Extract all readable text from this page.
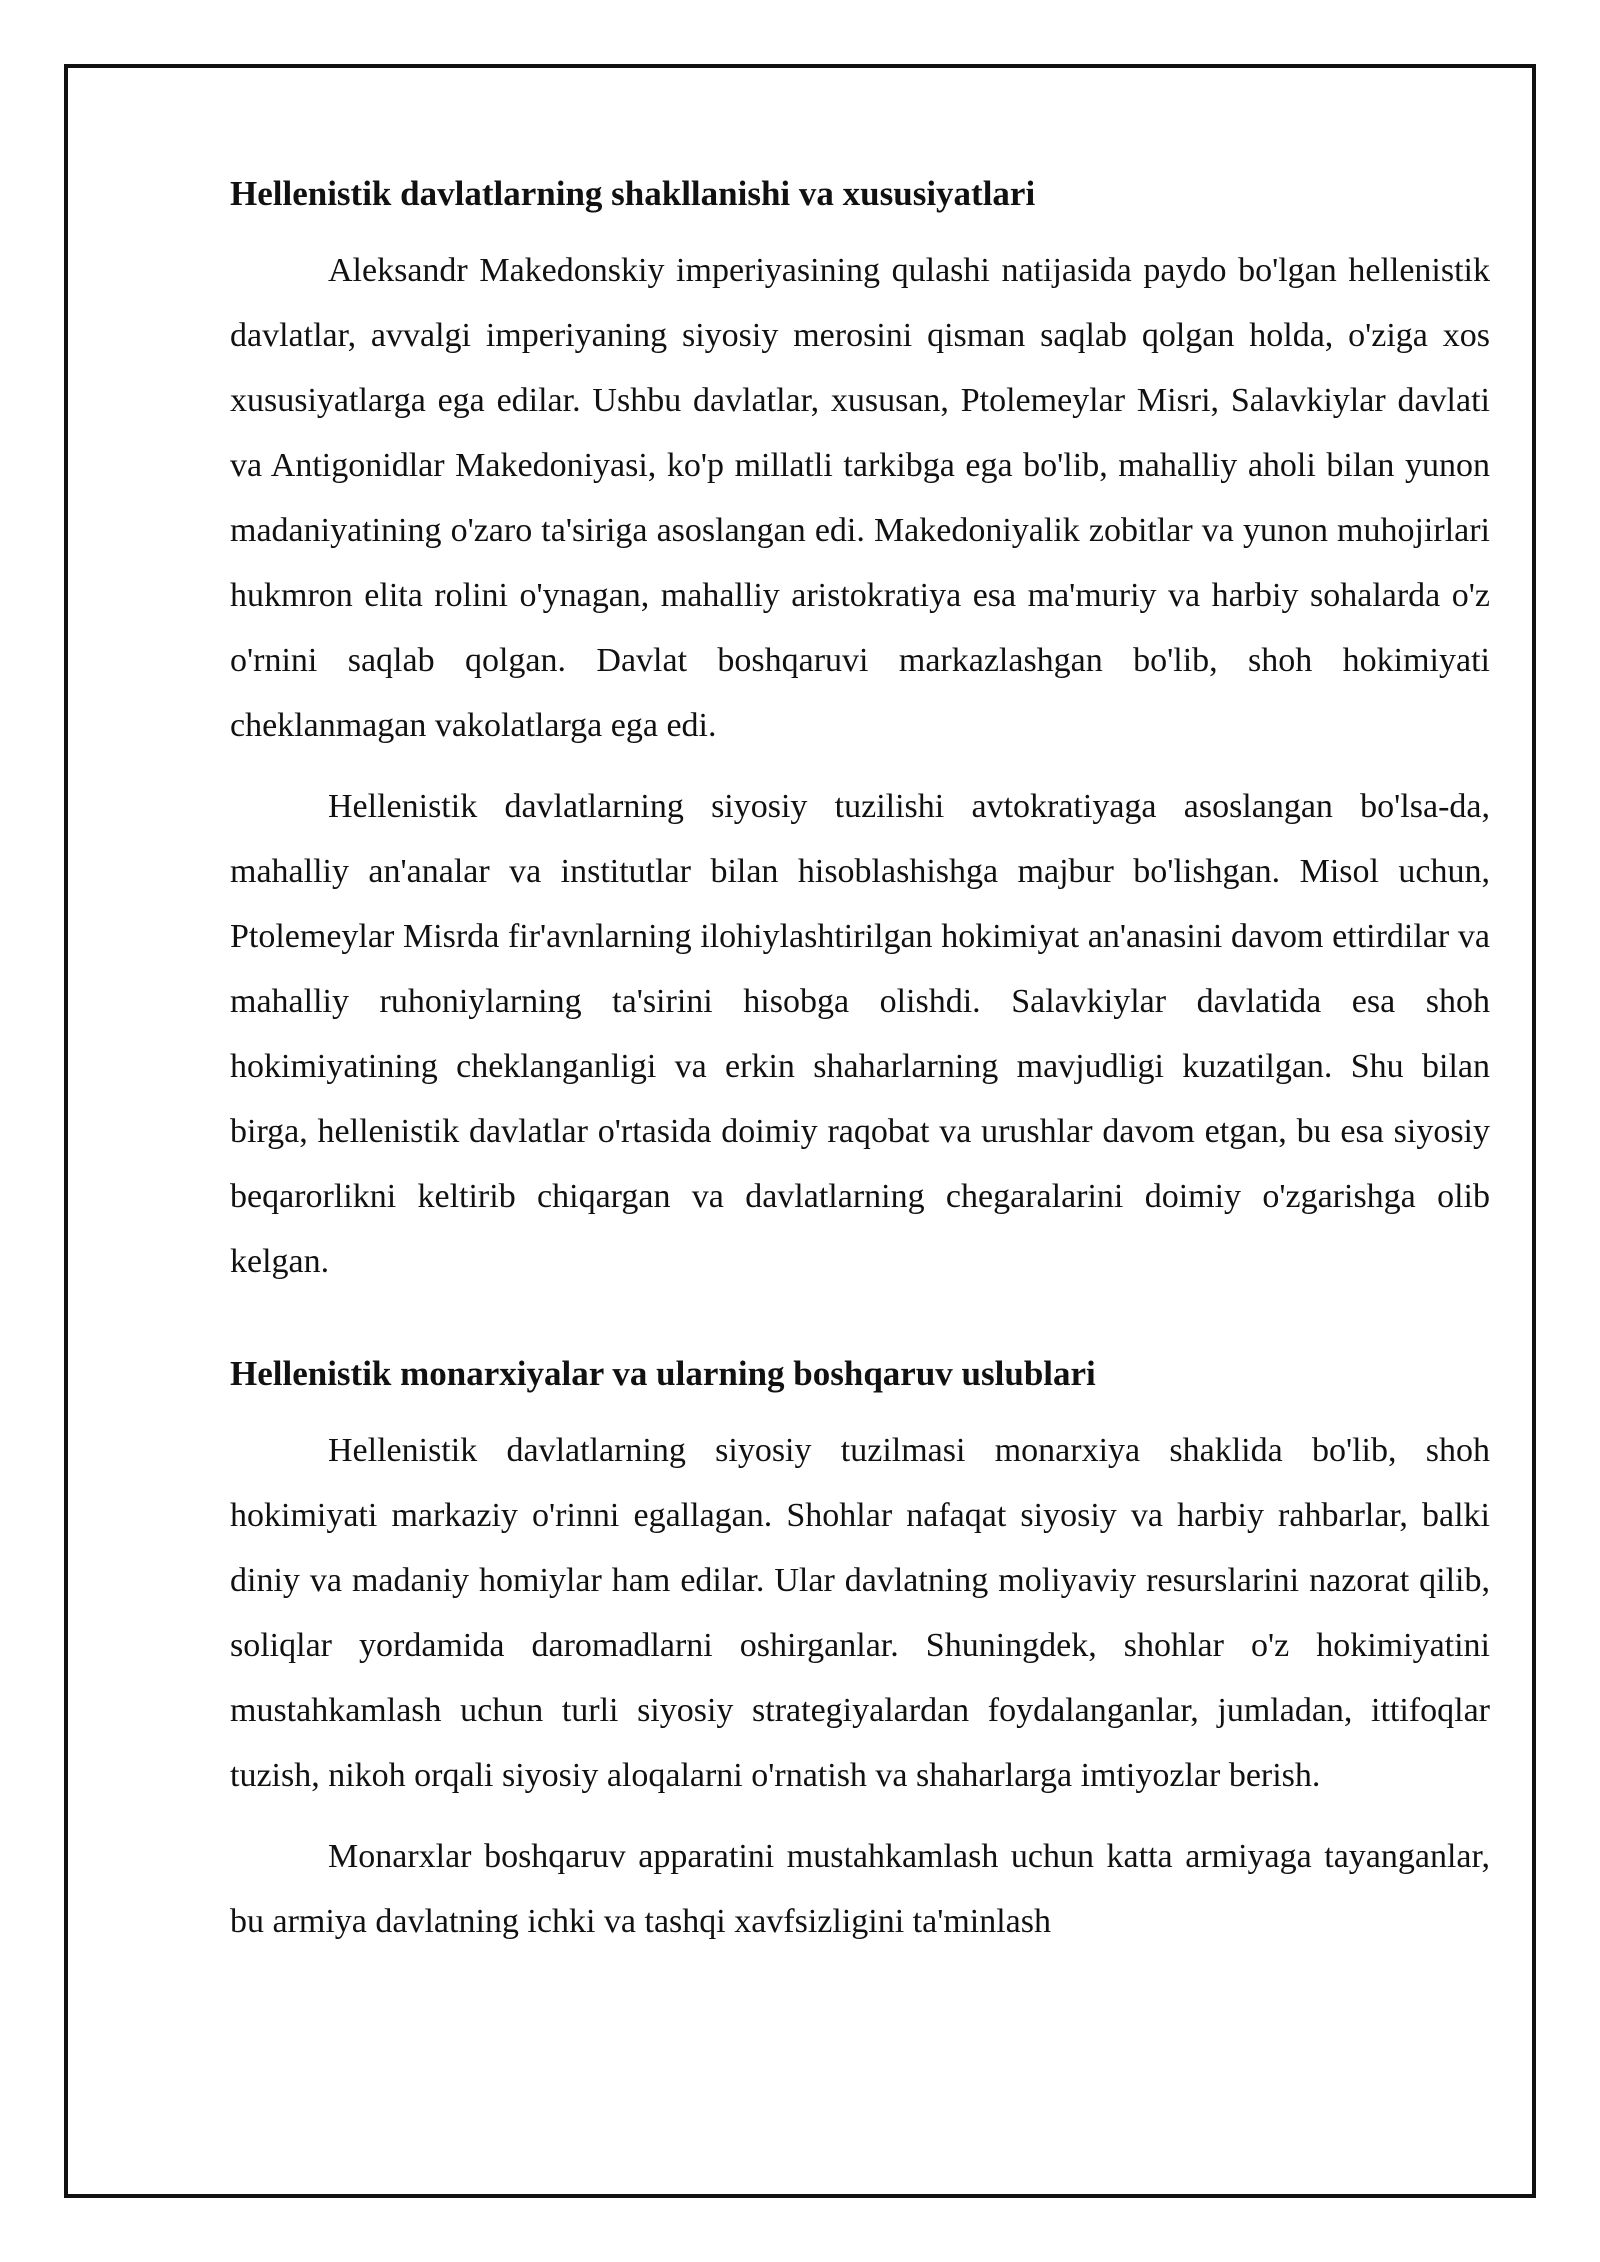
Hellenistik davlatlarning shakllanishi va xususiyatlari

Aleksandr Makedonskiy imperiyasining qulashi natijasida paydo bo'lgan hellenistik davlatlar, avvalgi imperiyaning siyosiy merosini qisman saqlab qolgan holda, o'ziga xos xususiyatlarga ega edilar. Ushbu davlatlar, xususan, Ptolemeylar Misri, Salavkiylar davlati va Antigonidlar Makedoniyasi, ko'p millatli tarkibga ega bo'lib, mahalliy aholi bilan yunon madaniyatining o'zaro ta'siriga asoslangan edi. Makedoniyalik zobitlar va yunon muhojirlari hukmron elita rolini o'ynagan, mahalliy aristokratiya esa ma'muriy va harbiy sohalarda o'z o'rnini saqlab qolgan. Davlat boshqaruvi markazlashgan bo'lib, shoh hokimiyati cheklanmagan vakolatlarga ega edi.

Hellenistik davlatlarning siyosiy tuzilishi avtokratiyaga asoslangan bo'lsa-da, mahalliy an'analar va institutlar bilan hisoblashishga majbur bo'lishgan. Misol uchun, Ptolemeylar Misrda fir'avnlarning ilohiylashtirilgan hokimiyat an'anasini davom ettirdilar va mahalliy ruhoniylarning ta'sirini hisobga olishdi. Salavkiylar davlatida esa shoh hokimiyatining cheklanganligi va erkin shaharlarning mavjudligi kuzatilgan. Shu bilan birga, hellenistik davlatlar o'rtasida doimiy raqobat va urushlar davom etgan, bu esa siyosiy beqarorlikni keltirib chiqargan va davlatlarning chegaralarini doimiy o'zgarishga olib kelgan.

Hellenistik monarxiyalar va ularning boshqaruv uslublari

Hellenistik davlatlarning siyosiy tuzilmasi monarxiya shaklida bo'lib, shoh hokimiyati markaziy o'rinni egallagan. Shohlar nafaqat siyosiy va harbiy rahbarlar, balki diniy va madaniy homiylar ham edilar. Ular davlatning moliyaviy resurslarini nazorat qilib, soliqlar yordamida daromadlarni oshirganlar. Shuningdek, shohlar o'z hokimiyatini mustahkamlash uchun turli siyosiy strategiyalardan foydalanganlar, jumladan, ittifoqlar tuzish, nikoh orqali siyosiy aloqalarni o'rnatish va shaharlarga imtiyozlar berish.

Monarxlar boshqaruv apparatini mustahkamlash uchun katta armiyaga tayanganlar, bu armiya davlatning ichki va tashqi xavfsizligini ta'minlash
